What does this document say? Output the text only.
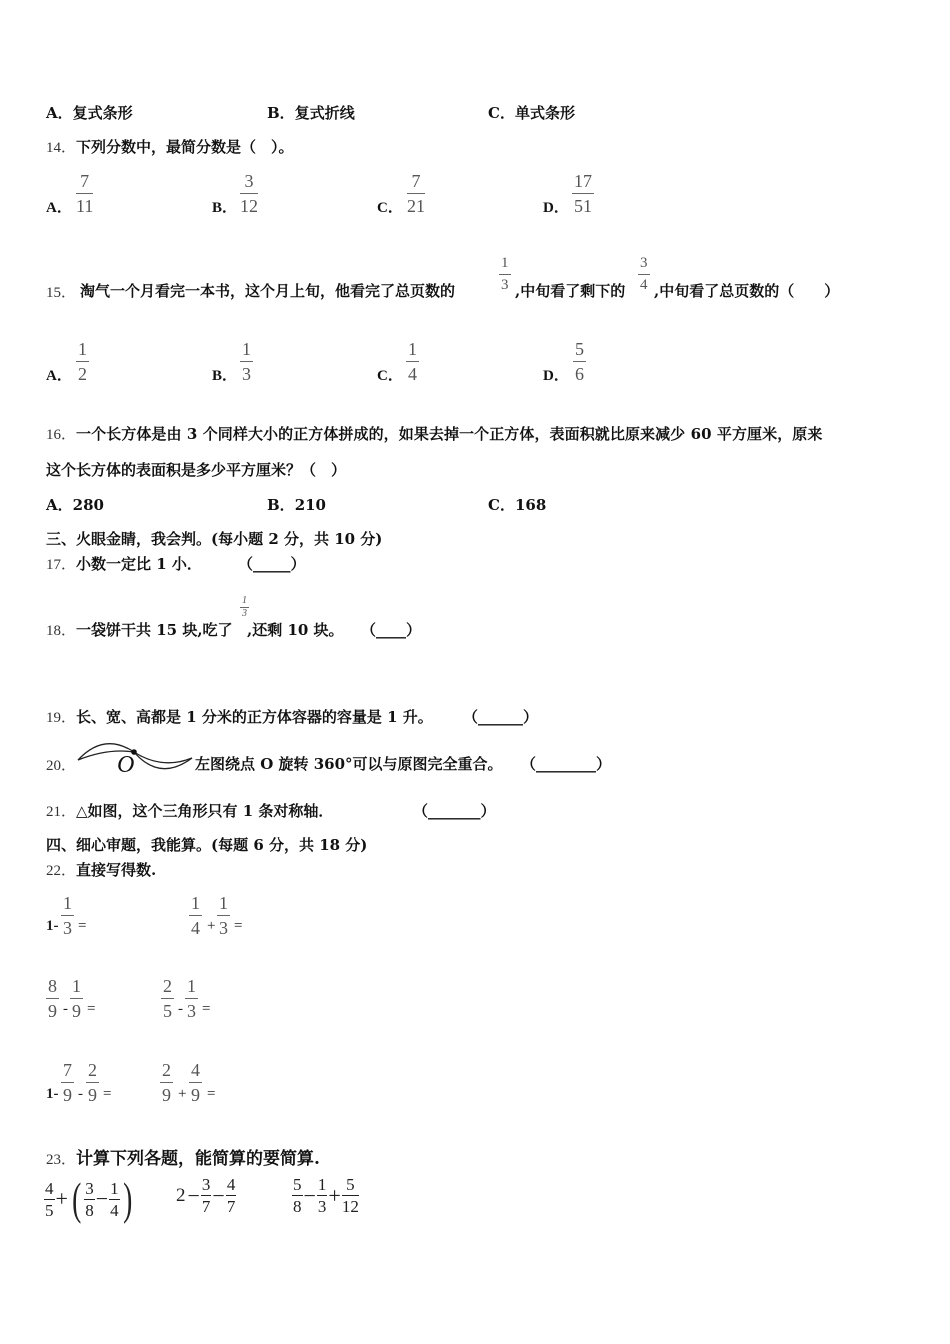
A．复式条形	B．复式折线	C．单式条形
14．下列分数中，最简分数是（　）。
A． $\frac{7}{11}$	B． $\frac{3}{12}$	C． $\frac{7}{21}$	D． $\frac{17}{51}$
15． 淘气一个月看完一本书，这个月上旬，他看完了总页数的	$\frac{1}{3}$ ,中旬看了剩下的 $\frac{3}{4}$ ,中旬看了总页数的（　　）
A． $\frac{1}{2}$	B． $\frac{1}{3}$	C． $\frac{1}{4}$	D． $\frac{5}{6}$
16．一个长方体是由 3 个同样大小的正方体拼成的，如果去掉一个正方体，表面积就比原来减少 60 平方厘米，原来
这个长方体的表面积是多少平方厘米？（　）
A．280	B．210	C．168
三、火眼金睛，我会判。(每小题 2 分，共 10 分)
17．小数一定比 1 小． （_____）
18．一袋饼干共 15 块,吃了
$\frac{1}{3}$
,还剩 10 块。 （____）
19．长、宽、高都是 1 分米的正方体容器的容量是 1 升。 （______）
20． O	左图绕点 O 旋转 360°可以与原图完全重合。 （________）
21．△如图，这个三角形只有 1 条对称轴．	（_______）
四、细心审题，我能算。(每题 6 分，共 18 分)
22．直接写得数.
$1- \frac{1}{3}$ =	$\frac{1}{4} + \frac{1}{3}$ =
$\frac{8}{9} - \frac{1}{9}$ =	$\frac{2}{5} - \frac{1}{3}$ =
$1- \frac{7}{9} - \frac{2}{9}$ =	$\frac{2}{9} + \frac{4}{9}$ =
23．计算下列各题，能简算的要简算.
$\frac{4}{5}$ +( $\frac{3}{8} - \frac{1}{4}$ ) $2- \frac{3}{7} - \frac{4}{7}$	$\frac{5}{8} - \frac{1}{3} + \frac{5}{12}$
